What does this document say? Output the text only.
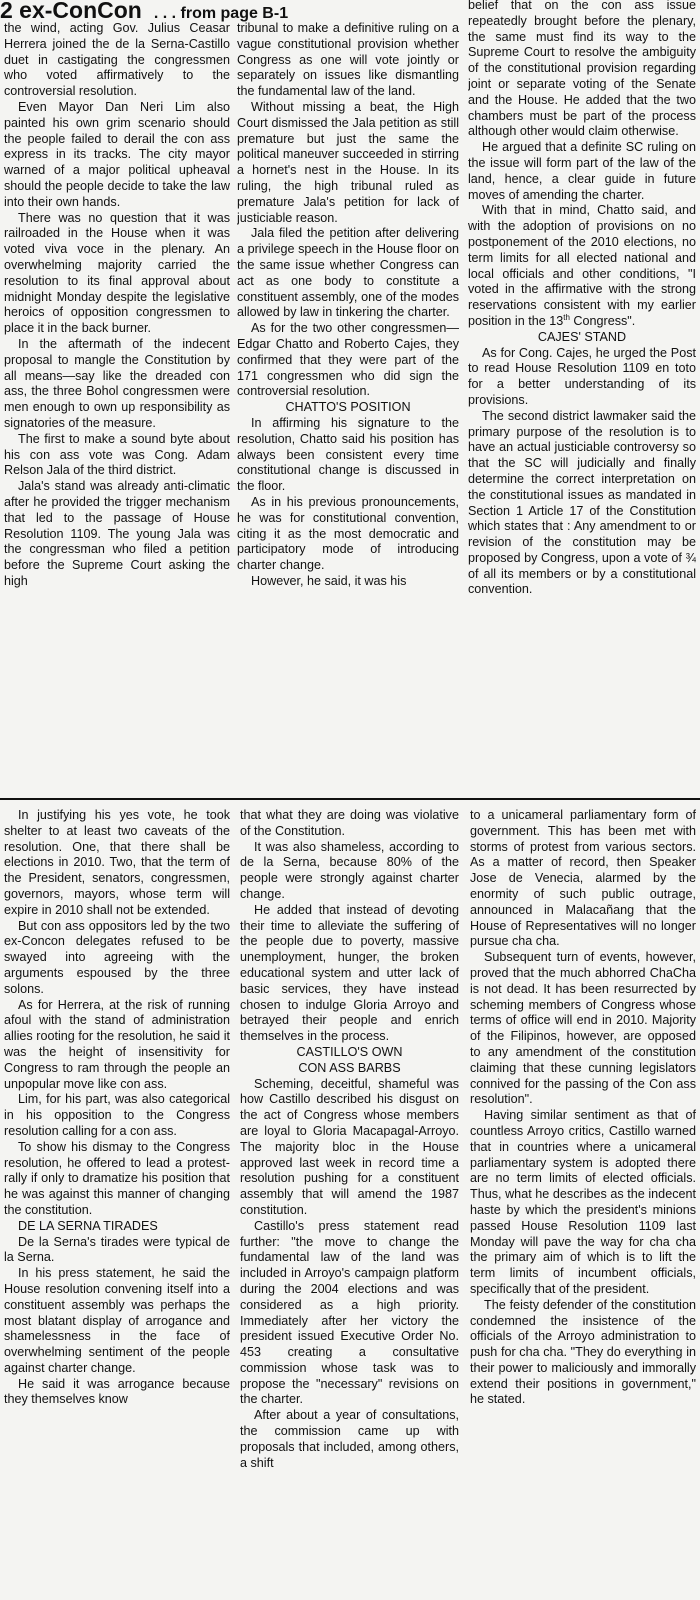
2 ex-ConCon . . . from page B-1

the wind, acting Gov. Julius Ceasar Herrera joined the de la Serna-Castillo duet in castigating the congressmen who voted affirmatively to the controversial resolution.

Even Mayor Dan Neri Lim also painted his own grim scenario should the people failed to derail the con ass express in its tracks. The city mayor warned of a major political upheaval should the people decide to take the law into their own hands.

There was no question that it was railroaded in the House when it was voted viva voce in the plenary. An overwhelming majority carried the resolution to its final approval about midnight Monday despite the legislative heroics of opposition congressmen to place it in the back burner.

In the aftermath of the indecent proposal to mangle the Constitution by all means—say like the dreaded con ass, the three Bohol congressmen were men enough to own up responsibility as signatories of the measure.

The first to make a sound byte about his con ass vote was Cong. Adam Relson Jala of the third district.

Jala's stand was already anti-climatic after he provided the trigger mechanism that led to the passage of House Resolution 1109. The young Jala was the congressman who filed a petition before the Supreme Court asking the high

tribunal to make a definitive ruling on a vague constitutional provision whether Congress as one will vote jointly or separately on issues like dismantling the fundamental law of the land.

Without missing a beat, the High Court dismissed the Jala petition as still premature but just the same the political maneuver succeeded in stirring a hornet's nest in the House. In its ruling, the high tribunal ruled as premature Jala's petition for lack of justiciable reason.

Jala filed the petition after delivering a privilege speech in the House floor on the same issue whether Congress can act as one body to constitute a constituent assembly, one of the modes allowed by law in tinkering the charter.

As for the two other congressmen—Edgar Chatto and Roberto Cajes, they confirmed that they were part of the 171 congressmen who did sign the controversial resolution.

CHATTO'S POSITION

In affirming his signature to the resolution, Chatto said his position has always been consistent every time constitutional change is discussed in the floor.

As in his previous pronouncements, he was for constitutional convention, citing it as the most democratic and participatory mode of introducing charter change.

However, he said, it was his

belief that on the con ass issue repeatedly brought before the plenary, the same must find its way to the Supreme Court to resolve the ambiguity of the constitutional provision regarding joint or separate voting of the Senate and the House. He added that the two chambers must be part of the process although other would claim otherwise.

He argued that a definite SC ruling on the issue will form part of the law of the land, hence, a clear guide in future moves of amending the charter.

With that in mind, Chatto said, and with the adoption of provisions on no postponement of the 2010 elections, no term limits for all elected national and local officials and other conditions, "I voted in the affirmative with the strong reservations consistent with my earlier position in the 13th Congress".

CAJES' STAND

As for Cong. Cajes, he urged the Post to read House Resolution 1109 en toto for a better understanding of its provisions.

The second district lawmaker said the primary purpose of the resolution is to have an actual justiciable controversy so that the SC will judicially and finally determine the correct interpretation on the constitutional issues as mandated in Section 1 Article 17 of the Constitution which states that : Any amendment to or revision of the constitution may be proposed by Congress, upon a vote of ¾ of all its members or by a constitutional convention.

In justifying his yes vote, he took shelter to at least two caveats of the resolution. One, that there shall be elections in 2010. Two, that the term of the President, senators, congressmen, governors, mayors, whose term will expire in 2010 shall not be extended.

But con ass oppositors led by the two ex-Concon delegates refused to be swayed into agreeing with the arguments espoused by the three solons.

As for Herrera, at the risk of running afoul with the stand of administration allies rooting for the resolution, he said it was the height of insensitivity for Congress to ram through the people an unpopular move like con ass.

Lim, for his part, was also categorical in his opposition to the Congress resolution calling for a con ass.

To show his dismay to the Congress resolution, he offered to lead a protest-rally if only to dramatize his position that he was against this manner of changing the constitution.

DE LA SERNA TIRADES

De la Serna's tirades were typical de la Serna.

In his press statement, he said the House resolution convening itself into a constituent assembly was perhaps the most blatant display of arrogance and shamelessness in the face of overwhelming sentiment of the people against charter change.

He said it was arrogance because they themselves know

that what they are doing was violative of the Constitution.

It was also shameless, according to de la Serna, because 80% of the people were strongly against charter change.

He added that instead of devoting their time to alleviate the suffering of the people due to poverty, massive unemployment, hunger, the broken educational system and utter lack of basic services, they have instead chosen to indulge Gloria Arroyo and betrayed their people and enrich themselves in the process.

CASTILLO'S OWN

CON ASS BARBS

Scheming, deceitful, shameful was how Castillo described his disgust on the act of Congress whose members are loyal to Gloria Macapagal-Arroyo. The majority bloc in the House approved last week in record time a resolution pushing for a constituent assembly that will amend the 1987 constitution.

Castillo's press statement read further: "the move to change the fundamental law of the land was included in Arroyo's campaign platform during the 2004 elections and was considered as a high priority. Immediately after her victory the president issued Executive Order No. 453 creating a consultative commission whose task was to propose the "necessary" revisions on the charter.

After about a year of consultations, the commission came up with proposals that included, among others, a shift

to a unicameral parliamentary form of government. This has been met with storms of protest from various sectors. As a matter of record, then Speaker Jose de Venecia, alarmed by the enormity of such public outrage, announced in Malacañang that the House of Representatives will no longer pursue cha cha.

Subsequent turn of events, however, proved that the much abhorred ChaCha is not dead. It has been resurrected by scheming members of Congress whose terms of office will end in 2010. Majority of the Filipinos, however, are opposed to any amendment of the constitution claiming that these cunning legislators connived for the passing of the Con ass resolution".

Having similar sentiment as that of countless Arroyo critics, Castillo warned that in countries where a unicameral parliamentary system is adopted there are no term limits of elected officials. Thus, what he describes as the indecent haste by which the president's minions passed House Resolution 1109 last Monday will pave the way for cha cha the primary aim of which is to lift the term limits of incumbent officials, specifically that of the president.

The feisty defender of the constitution condemned the insistence of the officials of the Arroyo administration to push for cha cha. "They do everything in their power to maliciously and immorally extend their positions in government," he stated.
